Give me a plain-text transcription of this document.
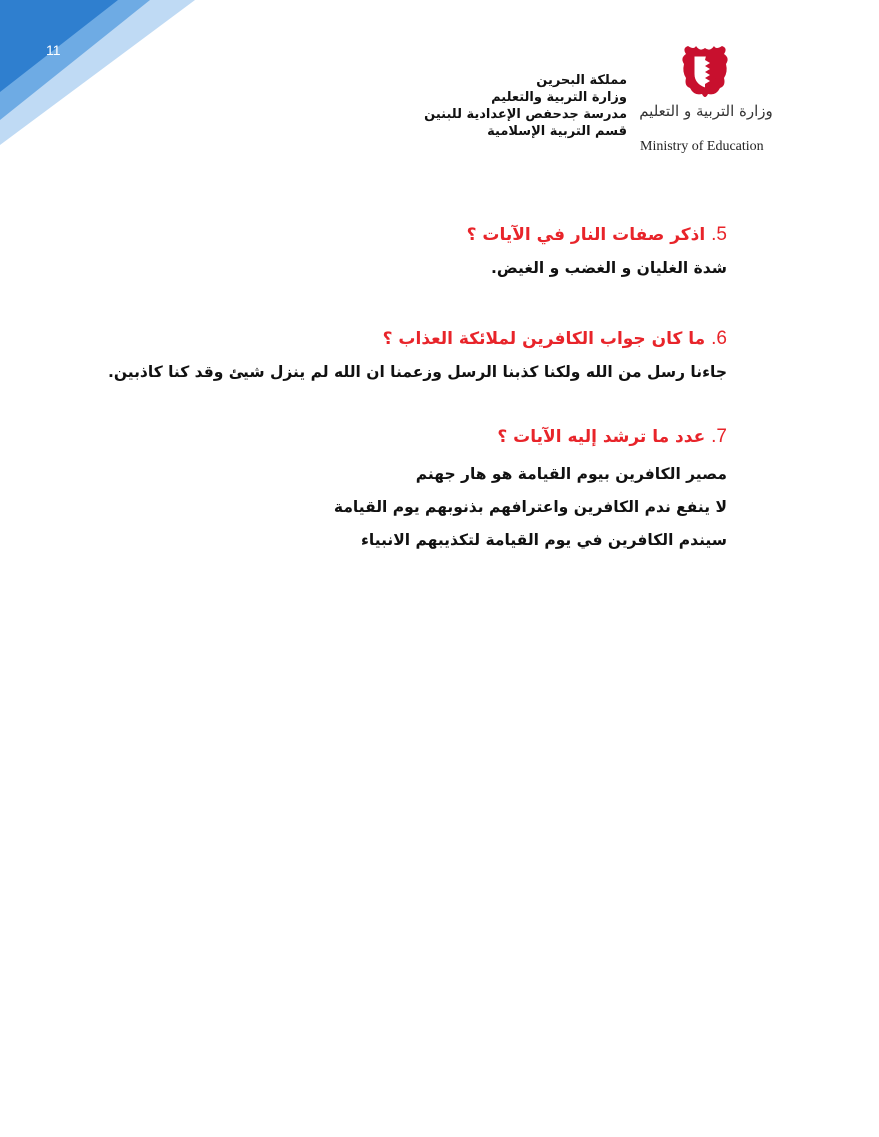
11
مملكة البحرين
وزارة التربية والتعليم
مدرسة جدحفص الإعدادية للبنين
قسم التربية الإسلامية
وزارة التربية و التعليم
Ministry of Education

5. اذكر صفات النار في الآيات ؟

شدة الغليان و الغضب و الغيض.

6. ما كان جواب الكافرين لملائكة العذاب ؟

جاءنا رسل من الله ولكنا كذبنا الرسل وزعمنا ان الله لم ينزل شيئ وقد كنا كاذبين.

7. عدد ما ترشد إليه الآيات ؟

مصير الكافرين بيوم القيامة هو هار جهنم

لا ينفع ندم الكافرين واعترافهم بذنوبهم يوم القيامة

سيندم الكافرين في يوم القيامة لتكذيبهم الانبياء
